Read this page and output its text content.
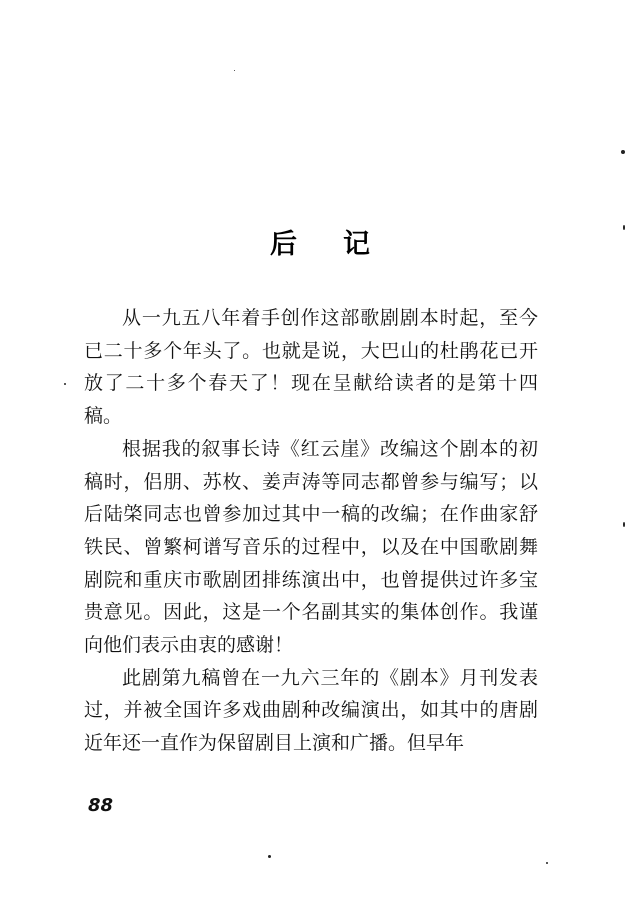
后记

从一九五八年着手创作这部歌剧剧本时起，至今已二十多个年头了。也就是说，大巴山的杜鹃花已开放了二十多个春天了！现在呈献给读者的是第十四稿。

根据我的叙事长诗《红云崖》改编这个剧本的初稿时，侣朋、苏枚、姜声涛等同志都曾参与编写；以后陆棨同志也曾参加过其中一稿的改编；在作曲家舒铁民、曾繁柯谱写音乐的过程中，以及在中国歌剧舞剧院和重庆市歌剧团排练演出中，也曾提供过许多宝贵意见。因此，这是一个名副其实的集体创作。我谨向他们表示由衷的感谢！

此剧第九稿曾在一九六三年的《剧本》月刊发表过，并被全国许多戏曲剧种改编演出，如其中的唐剧近年还一直作为保留剧目上演和广播。但早年

88
